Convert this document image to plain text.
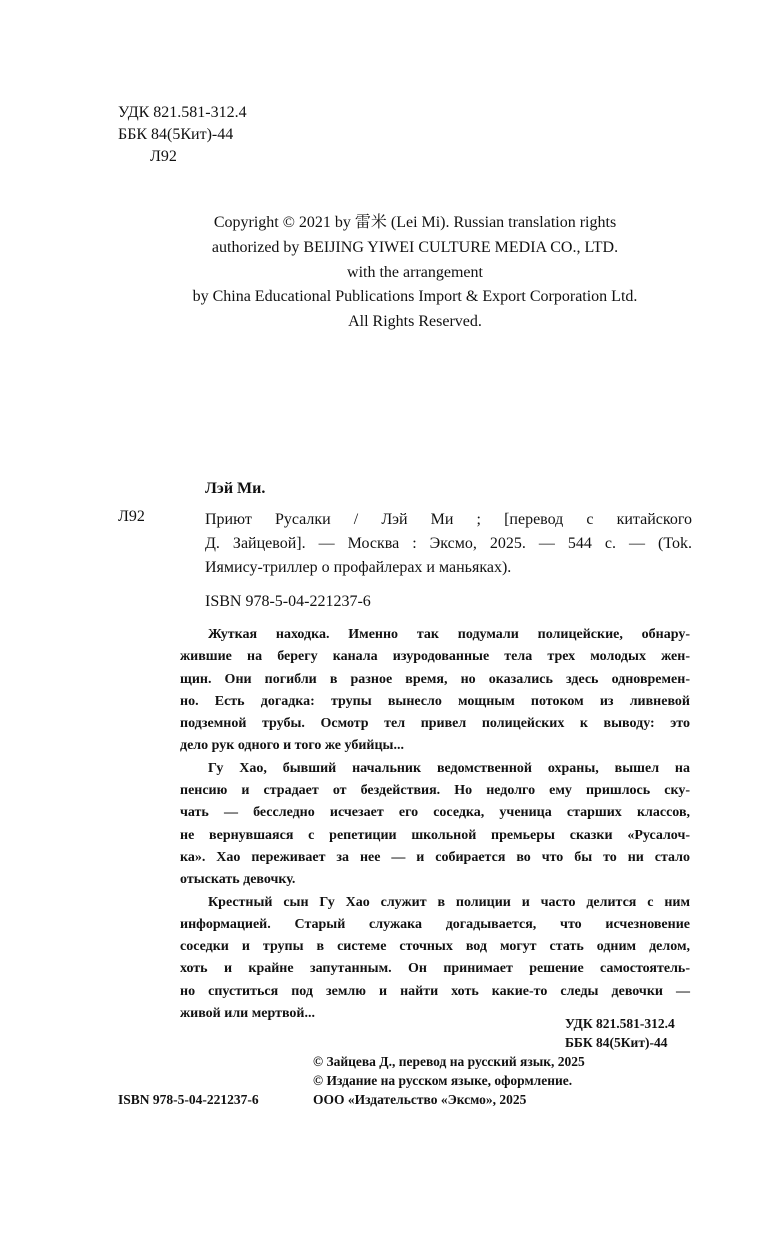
УДК 821.581-312.4
ББК 84(5Кит)-44
Л92
Copyright © 2021 by 雷米 (Lei Mi). Russian translation rights
authorized by BEIJING YIWEI CULTURE MEDIA CO., LTD.
with the arrangement
by China Educational Publications Import & Export Corporation Ltd.
All Rights Reserved.
Лэй Ми.
Л92	Приют Русалки / Лэй Ми ; [перевод с китайского
Д. Зайцевой]. — Москва : Эксмо, 2025. — 544 с. — (Tok.
Иямису-триллер о профайлерах и маньяках).
ISBN 978-5-04-221237-6
Жуткая находка. Именно так подумали полицейские, обнару-
жившие на берегу канала изуродованные тела трех молодых жен-
щин. Они погибли в разное время, но оказались здесь одновремен-
но. Есть догадка: трупы вынесло мощным потоком из ливневой
подземной трубы. Осмотр тел привел полицейских к выводу: это
дело рук одного и того же убийцы...
Гу Хао, бывший начальник ведомственной охраны, вышел на
пенсию и страдает от бездействия. Но недолго ему пришлось ску-
чать — бесследно исчезает его соседка, ученица старших классов,
не вернувшаяся с репетиции школьной премьеры сказки «Русалоч-
ка». Хао переживает за нее — и собирается во что бы то ни стало
отыскать девочку.
Крестный сын Гу Хао служит в полиции и часто делится с ним
информацией. Старый служака догадывается, что исчезновение
соседки и трупы в системе сточных вод могут стать одним делом,
хоть и крайне запутанным. Он принимает решение самостоятель-
но спуститься под землю и найти хоть какие-то следы девочки —
живой или мертвой...
УДК 821.581-312.4
ББК 84(5Кит)-44
© Зайцева Д., перевод на русский язык, 2025
© Издание на русском языке, оформление.
ООО «Издательство «Эксмо», 2025
ISBN 978-5-04-221237-6
